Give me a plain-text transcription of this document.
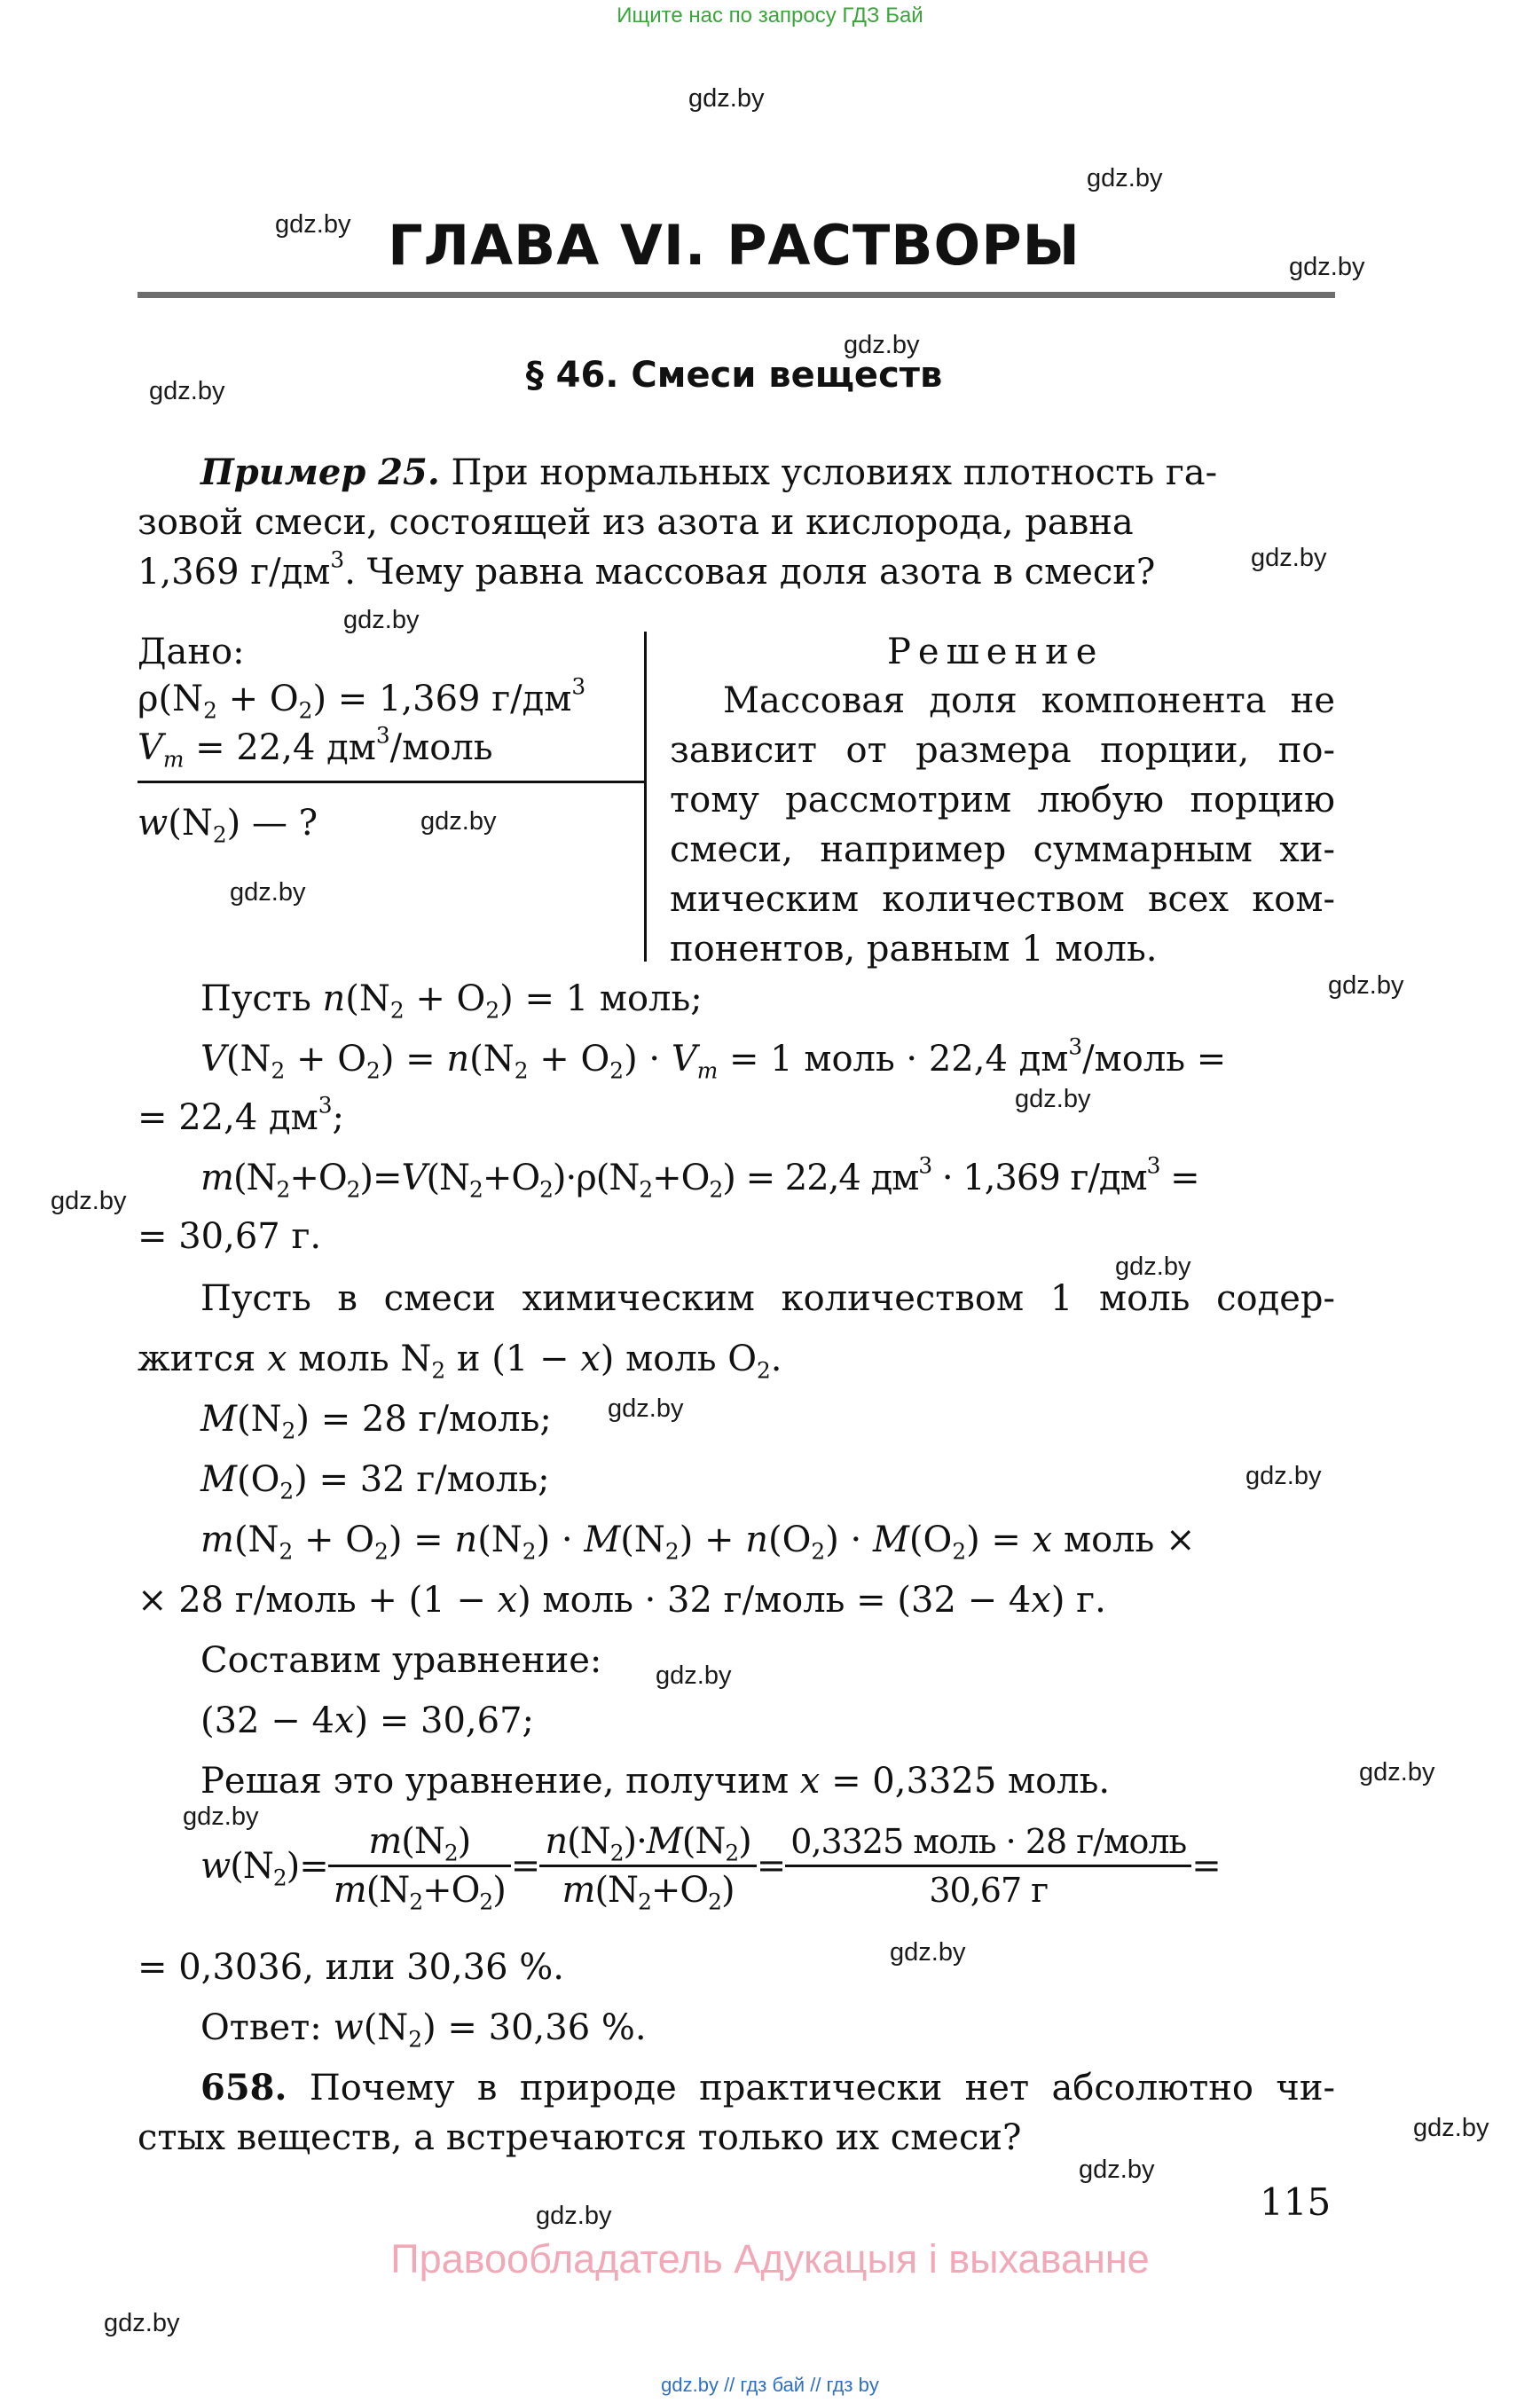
Ищите нас по запросу ГДЗ Бай
ГЛАВА VI. РАСТВОРЫ
§ 46. Смеси веществ
Пример 25. При нормальных условиях плотность га-
зовой смеси, состоящей из азота и кислорода, равна
1,369 $г/дм^3$. Чему равна массовая доля азота в смеси?
Дано:
$\rho(N_2 + O_2) = 1,369$ $г/дм^3$
$V_m = 22,4$ $дм^3$/моль
$w(N_2)$ — ?
Решение
Массовая доля компонента не
зависит от размера порции, по-
тому рассмотрим любую порцию
смеси, например суммарным хи-
мическим количеством всех ком-
понентов, равным 1 моль.
Пусть $n(N_2 + O_2) = 1$ моль;
$V(N_2 + O_2) = n(N_2 + O_2) \cdot V_m = 1$ моль · 22,4 $дм^3$/моль =
= 22,4 $дм^3$;
$m(N_2+O_2)=V(N_2+O_2)\cdot\rho(N_2+O_2) = 22,4$ $дм^3 \cdot 1,369$ $г/дм^3$ =
= 30,67 г.
Пусть в смеси химическим количеством 1 моль содер-
жится x моль $N_2$ и (1 − x) моль $O_2$.
$M(N_2) = 28$ г/моль;
$M(O_2) = 32$ г/моль;
$m(N_2 + O_2) = n(N_2) \cdot M(N_2) + n(O_2) \cdot M(O_2) = x$ моль ×
× 28 г/моль + (1 − x) моль · 32 г/моль = (32 − 4x) г.
Составим уравнение:
(32 − 4x) = 30,67;
Решая это уравнение, получим x = 0,3325 моль.
$w(N_2)= \frac{m(N_2)}{m(N_2+O_2)} = \frac{n(N_2)\cdot M(N_2)}{m(N_2+O_2)} = \frac{\text{0,3325 моль · 28 г/моль}}{30,67 г}$ =
= 0,3036, или 30,36 %.
Ответ: $w(N_2) = 30,36$ %.
658. Почему в природе практически нет абсолютно чи-
стых веществ, а встречаются только их смеси?
115
Правообладатель Адукацыя і выхаванне
gdz.by // гдз бай // гдз by
gdz.by
gdz.by
gdz.by
gdz.by
gdz.by
gdz.by
gdz.by
gdz.by
gdz.by
gdz.by
gdz.by
gdz.by
gdz.by
gdz.by
gdz.by
gdz.by
gdz.by
gdz.by
gdz.by
gdz.by
gdz.by
gdz.by
gdz.by
gdz.by
